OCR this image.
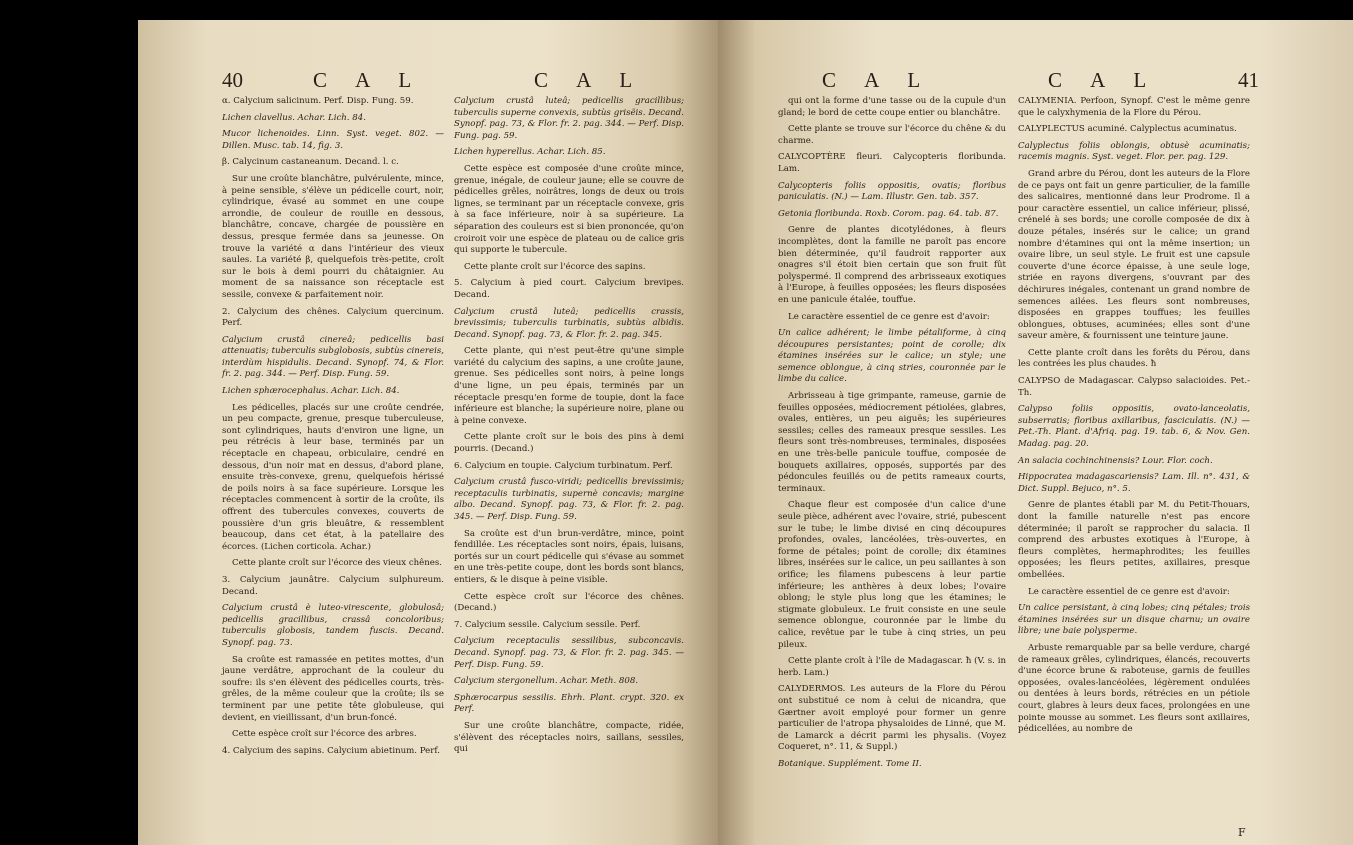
40	C A L	C A L

α. Calycium salicinum. Perf. Disp. Fung. 59.

Lichen clavellus. Achar. Lich. 84.

Mucor lichenoides. Linn. Syst. veget. 802. — Dillen. Musc. tab. 14, fig. 3.

β. Calycinum castaneanum. Decand. l. c.

Sur une croûte blanchâtre, pulvérulente, mince, à peine sensible, s'élève un pédicelle court, noir, cylindrique, évasé au sommet en une coupe arrondie, de couleur de rouille en dessous, blanchâtre, concave, chargée de poussière en dessus, presque fermée dans sa jeunesse. On trouve la variété α dans l'intérieur des vieux saules. La variété β, quelquefois très-petite, croît sur le bois à demi pourri du châtaignier. Au moment de sa naissance son réceptacle est sessile, convexe & parfaitement noir.

2. Calycium des chênes. Calycium quercinum. Perf.

Calycium crustâ cinereâ; pedicellis basi attenuatis; tuberculis subglobosis, subtùs cinereis, interdùm hispidulis. Decand. Synopf. 74, & Flor. fr. 2. pag. 344. — Perf. Disp. Fung. 59.

Lichen sphærocephalus. Achar. Lich. 84.

Les pédicelles, placés sur une croûte cendrée, un peu compacte, grenue, presque tuberculeuse, sont cylindriques, hauts d'environ une ligne, un peu rétrécis à leur base, terminés par un réceptacle en chapeau, orbiculaire, cendré en dessous, d'un noir mat en dessus, d'abord plane, ensuite très-convexe, grenu, quelquefois hérissé de poils noirs à sa face supérieure. Lorsque les réceptacles commencent à sortir de la croûte, ils offrent des tubercules convexes, couverts de poussière d'un gris bleuâtre, & ressemblent beaucoup, dans cet état, à la patellaire des écorces. (Lichen corticola. Achar.)

Cette plante croît sur l'écorce des vieux chênes.

3. Calycium jaunâtre. Calycium sulphureum. Decand.

Calycium crustâ è luteo-virescente, globulosâ; pedicellis gracillibus, crassâ concoloribus; tuberculis globosis, tandem fuscis. Decand. Synopf. pag. 73.

Sa croûte est ramassée en petites mottes, d'un jaune verdâtre, approchant de la couleur du soufre: ils s'en élèvent des pédicelles courts, très-grêles, de la même couleur que la croûte; ils se terminent par une petite tête globuleuse, qui devient, en vieillissant, d'un brun-foncé.

Cette espèce croît sur l'écorce des arbres.

4. Calycium des sapins. Calycium abietinum. Perf.

Calycium crustâ luteâ; pedicellis gracillibus; tuberculis superne convexis, subtùs grisëis. Decand. Synopf. pag. 73, & Flor. fr. 2. pag. 344. — Perf. Disp. Fung. pag. 59.

Lichen hyperellus. Achar. Lich. 85.

Cette espèce est composée d'une croûte mince, grenue, inégale, de couleur jaune; elle se couvre de pédicelles grêles, noirâtres, longs de deux ou trois lignes, se terminant par un réceptacle convexe, gris à sa face inférieure, noir à sa supérieure. La séparation des couleurs est si bien prononcée, qu'on croiroit voir une espèce de plateau ou de calice gris qui supporte le tubercule.

Cette plante croît sur l'écorce des sapins.

5. Calycium à pied court. Calycium brevipes. Decand.

Calycium crustâ luteâ; pedicellis crassis, brevissimis; tuberculis turbinatis, subtùs albidis. Decand. Synopf. pag. 73, & Flor. fr. 2. pag. 345.

Cette plante, qui n'est peut-être qu'une simple variété du calycium des sapins, a une croûte jaune, grenue. Ses pédicelles sont noirs, à peine longs d'une ligne, un peu épais, terminés par un réceptacle presqu'en forme de toupie, dont la face inférieure est blanche; la supérieure noire, plane ou à peine convexe.

Cette plante croît sur le bois des pins à demi pourris. (Decand.)

6. Calycium en toupie. Calycium turbinatum. Perf.

Calycium crustâ fusco-viridi; pedicellis brevissimis; receptaculis turbinatis, supernè concavis; margine albo. Decand. Synopf. pag. 73, & Flor. fr. 2. pag. 345. — Perf. Disp. Fung. 59.

Sa croûte est d'un brun-verdâtre, mince, point fendillée. Les réceptacles sont noirs, épais, luisans, portés sur un court pédicelle qui s'évase au sommet en une très-petite coupe, dont les bords sont blancs, entiers, & le disque à peine visible.

Cette espèce croît sur l'écorce des chênes. (Decand.)

7. Calycium sessile. Calycium sessile. Perf.

Calycium receptaculis sessilibus, subconcavis. Decand. Synopf. pag. 73, & Flor. fr. 2. pag. 345. — Perf. Disp. Fung. 59.

Calycium stergonellum. Achar. Meth. 808.

Sphærocarpus sessilis. Ehrh. Plant. crypt. 320. ex Perf.

Sur une croûte blanchâtre, compacte, ridée, s'élèvent des réceptacles noirs, saillans, sessiles, qui

C A L	C A L	41

qui ont la forme d'une tasse ou de la cupule d'un gland; le bord de cette coupe entier ou blanchâtre.

Cette plante se trouve sur l'écorce du chêne & du charme.

CALYCOPTÈRE fleuri. Calycopteris floribunda. Lam.

Calycopteris foliis oppositis, ovatis; floribus paniculatis. (N.) — Lam. Illustr. Gen. tab. 357.

Getonia floribunda. Roxb. Corom. pag. 64. tab. 87.

Genre de plantes dicotylédones, à fleurs incomplètes, dont la famille ne paroît pas encore bien déterminée, qu'il faudroit rapporter aux onagres s'il étoit bien certain que son fruit fût polyspermé. Il comprend des arbrisseaux exotiques à l'Europe, à feuilles opposées; les fleurs disposées en une panicule étalée, touffue.

Le caractère essentiel de ce genre est d'avoir:

Un calice adhérent; le limbe pétaliforme, à cinq découpures persistantes; point de corolle; dix étamines insérées sur le calice; un style; une semence oblongue, à cinq stries, couronnée par le limbe du calice.

Arbrisseau à tige grimpante, rameuse, garnie de feuilles opposées, médiocrement pétiolées, glabres, ovales, entières, un peu aiguës; les supérieures sessiles; celles des rameaux presque sessiles. Les fleurs sont très-nombreuses, terminales, disposées en une très-belle panicule touffue, composée de bouquets axillaires, opposés, supportés par des pédoncules feuillés ou de petits rameaux courts, terminaux.

Chaque fleur est composée d'un calice d'une seule pièce, adhérent avec l'ovaire, strié, pubescent sur le tube; le limbe divisé en cinq découpures profondes, ovales, lancéolées, très-ouvertes, en forme de pétales; point de corolle; dix étamines libres, insérées sur le calice, un peu saillantes à son orifice; les filamens pubescens à leur partie inférieure; les anthères à deux lobes; l'ovaire oblong; le style plus long que les étamines; le stigmate globuleux. Le fruit consiste en une seule semence oblongue, couronnée par le limbe du calice, revêtue par le tube à cinq stries, un peu pileux.

Cette plante croît à l'île de Madagascar. ħ (V. s. in herb. Lam.)

CALYDERMOS. Les auteurs de la Flore du Pérou ont substitué ce nom à celui de nicandra, que Gærtner avoit employé pour former un genre particulier de l'atropa physaloides de Linné, que M. de Lamarck a décrit parmi les physalis. (Voyez Coqueret, n°. 11, & Suppl.)

Botanique. Supplément. Tome II.

CALYMENIA. Perfoon, Synopf. C'est le même genre que le calyxhymenia de la Flore du Pérou.

CALYPLECTUS acuminé. Calyplectus acuminatus.

Calyplectus foliis oblongis, obtusè acuminatis; racemis magnis. Syst. veget. Flor. per. pag. 129.

Grand arbre du Pérou, dont les auteurs de la Flore de ce pays ont fait un genre particulier, de la famille des salicaires, mentionné dans leur Prodrome. Il a pour caractère essentiel, un calice inférieur, plissé, crénelé à ses bords; une corolle composée de dix à douze pétales, insérés sur le calice; un grand nombre d'étamines qui ont la même insertion; un ovaire libre, un seul style. Le fruit est une capsule couverte d'une écorce épaisse, à une seule loge, striée en rayons divergens, s'ouvrant par des déchirures inégales, contenant un grand nombre de semences ailées. Les fleurs sont nombreuses, disposées en grappes touffues; les feuilles oblongues, obtuses, acuminées; elles sont d'une saveur amère, & fournissent une teinture jaune.

Cette plante croît dans les forêts du Pérou, dans les contrées les plus chaudes. ħ

CALYPSO de Madagascar. Calypso salacioides. Pet.-Th.

Calypso foliis oppositis, ovato-lanceolatis, subserratis; floribus axillaribus, fasciculatis. (N.) — Pet.-Th. Plant. d'Afriq. pag. 19. tab. 6, & Nov. Gen. Madag. pag. 20.

An salacia cochinchinensis? Lour. Flor. coch.

Hippocratea madagascariensis? Lam. Ill. n°. 431, & Dict. Suppl. Bejuco, n°. 5.

Genre de plantes établi par M. du Petit-Thouars, dont la famille naturelle n'est pas encore déterminée; il paroît se rapprocher du salacia. Il comprend des arbustes exotiques à l'Europe, à fleurs complètes, hermaphrodites; les feuilles opposées; les fleurs petites, axillaires, presque ombellées.

Le caractère essentiel de ce genre est d'avoir:

Un calice persistant, à cinq lobes; cinq pétales; trois étamines insérées sur un disque charnu; un ovaire libre; une baie polysperme.

Arbuste remarquable par sa belle verdure, chargé de rameaux grêles, cylindriques, élancés, recouverts d'une écorce brune & raboteuse, garnis de feuilles opposées, ovales-lancéolées, légèrement ondulées ou dentées à leurs bords, rétrécies en un pétiole court, glabres à leurs deux faces, prolongées en une pointe mousse au sommet. Les fleurs sont axillaires, pédicellées, au nombre de

F
